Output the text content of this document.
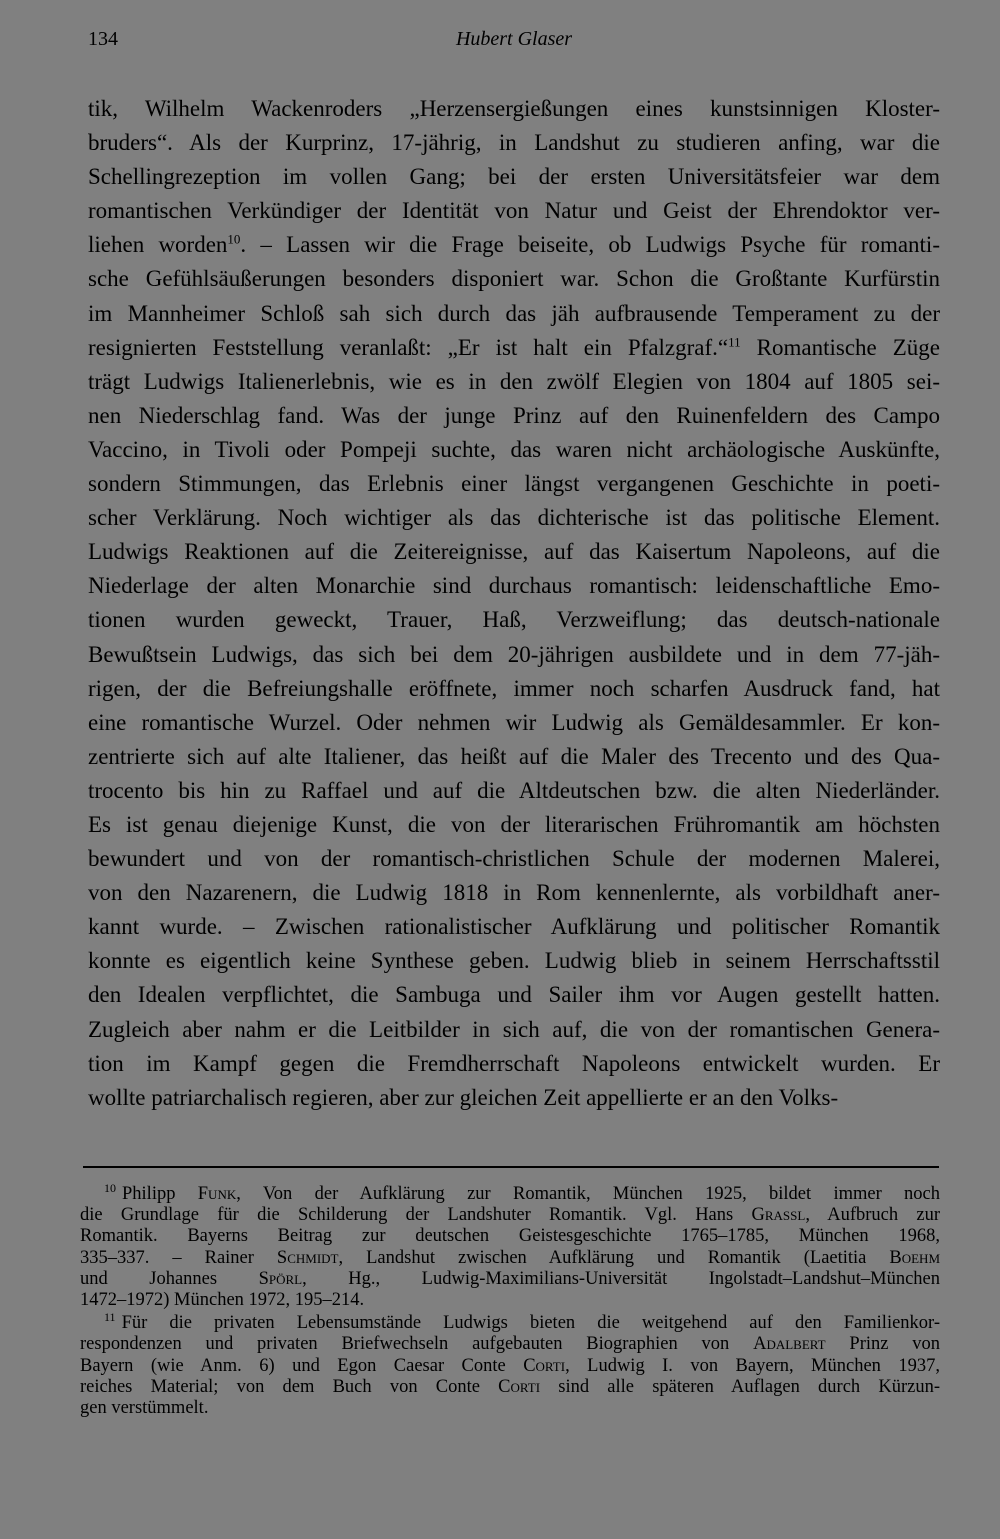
134	Hubert Glaser
tik, Wilhelm Wackenroders „Herzensergießungen eines kunstsinnigen Kloster-
bruders“. Als der Kurprinz, 17-jährig, in Landshut zu studieren anfing, war die
Schellingrezeption im vollen Gang; bei der ersten Universitätsfeier war dem
romantischen Verkündiger der Identität von Natur und Geist der Ehrendoktor ver-
liehen worden$^{10}$. – Lassen wir die Frage beiseite, ob Ludwigs Psyche für romanti-
sche Gefühlsäußerungen besonders disponiert war. Schon die Großtante Kurfürstin
im Mannheimer Schloß sah sich durch das jäh aufbrausende Temperament zu der
resignierten Feststellung veranlaßt: „Er ist halt ein Pfalzgraf.“$^{11}$ Romantische Züge
trägt Ludwigs Italienerlebnis, wie es in den zwölf Elegien von 1804 auf 1805 sei-
nen Niederschlag fand. Was der junge Prinz auf den Ruinenfeldern des Campo
Vaccino, in Tivoli oder Pompeji suchte, das waren nicht archäologische Auskünfte,
sondern Stimmungen, das Erlebnis einer längst vergangenen Geschichte in poeti-
scher Verklärung. Noch wichtiger als das dichterische ist das politische Element.
Ludwigs Reaktionen auf die Zeitereignisse, auf das Kaisertum Napoleons, auf die
Niederlage der alten Monarchie sind durchaus romantisch: leidenschaftliche Emo-
tionen wurden geweckt, Trauer, Haß, Verzweiflung; das deutsch-nationale
Bewußtsein Ludwigs, das sich bei dem 20-jährigen ausbildete und in dem 77-jäh-
rigen, der die Befreiungshalle eröffnete, immer noch scharfen Ausdruck fand, hat
eine romantische Wurzel. Oder nehmen wir Ludwig als Gemäldesammler. Er kon-
zentrierte sich auf alte Italiener, das heißt auf die Maler des Trecento und des Qua-
trocento bis hin zu Raffael und auf die Altdeutschen bzw. die alten Niederländer.
Es ist genau diejenige Kunst, die von der literarischen Frühromantik am höchsten
bewundert und von der romantisch-christlichen Schule der modernen Malerei,
von den Nazarenern, die Ludwig 1818 in Rom kennenlernte, als vorbildhaft aner-
kannt wurde. – Zwischen rationalistischer Aufklärung und politischer Romantik
konnte es eigentlich keine Synthese geben. Ludwig blieb in seinem Herrschaftsstil
den Idealen verpflichtet, die Sambuga und Sailer ihm vor Augen gestellt hatten.
Zugleich aber nahm er die Leitbilder in sich auf, die von der romantischen Genera-
tion im Kampf gegen die Fremdherrschaft Napoleons entwickelt wurden. Er
wollte patriarchalisch regieren, aber zur gleichen Zeit appellierte er an den Volks-
$^{10}$ Philipp Funk, Von der Aufklärung zur Romantik, München 1925, bildet immer noch
die Grundlage für die Schilderung der Landshuter Romantik. Vgl. Hans Grassl, Aufbruch zur
Romantik. Bayerns Beitrag zur deutschen Geistesgeschichte 1765–1785, München 1968,
335–337. – Rainer Schmidt, Landshut zwischen Aufklärung und Romantik (Laetitia Boehm
und Johannes Spörl, Hg., Ludwig-Maximilians-Universität Ingolstadt–Landshut–München
1472–1972) München 1972, 195–214.
$^{11}$ Für die privaten Lebensumstände Ludwigs bieten die weitgehend auf den Familienkor-
respondenzen und privaten Briefwechseln aufgebauten Biographien von Adalbert Prinz von
Bayern (wie Anm. 6) und Egon Caesar Conte Corti, Ludwig I. von Bayern, München 1937,
reiches Material; von dem Buch von Conte Corti sind alle späteren Auflagen durch Kürzun-
gen verstümmelt.
